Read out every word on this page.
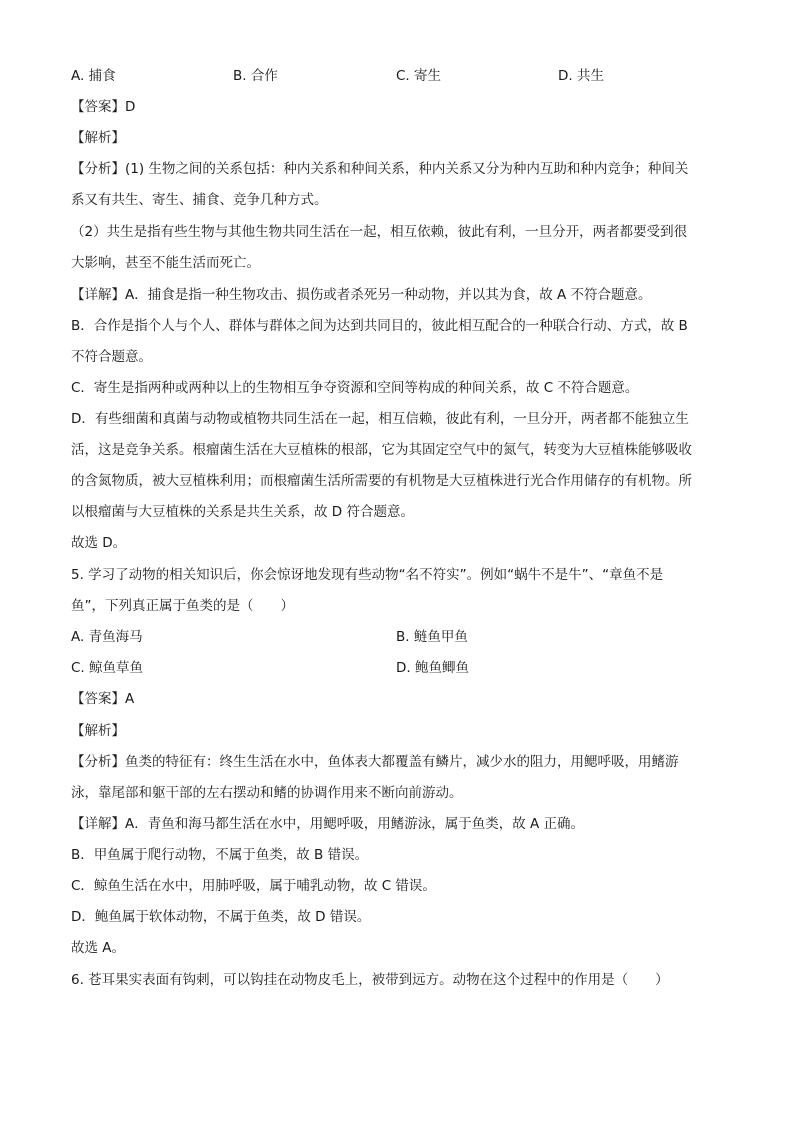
A. 捕食	B. 合作	C. 寄生	D. 共生
【答案】D
【解析】
【分析】(1) 生物之间的关系包括：种内关系和种间关系，种内关系又分为种内互助和种内竞争；种间关
系又有共生、寄生、捕食、竞争几种方式。
（2）共生是指有些生物与其他生物共同生活在一起，相互依赖，彼此有利，一旦分开，两者都要受到很
大影响，甚至不能生活而死亡。
【详解】A．捕食是指一种生物攻击、损伤或者杀死另一种动物，并以其为食，故 A 不符合题意。
B．合作是指个人与个人、群体与群体之间为达到共同目的，彼此相互配合的一种联合行动、方式，故 B
不符合题意。
C．寄生是指两种或两种以上的生物相互争夺资源和空间等构成的种间关系，故 C 不符合题意。
D．有些细菌和真菌与动物或植物共同生活在一起，相互信赖，彼此有利，一旦分开，两者都不能独立生
活，这是竞争关系。根瘤菌生活在大豆植株的根部，它为其固定空气中的氮气，转变为大豆植株能够吸收
的含氮物质，被大豆植株利用；而根瘤菌生活所需要的有机物是大豆植株进行光合作用储存的有机物。所
以根瘤菌与大豆植株的关系是共生关系，故 D 符合题意。
故选 D。
5. 学习了动物的相关知识后，你会惊讶地发现有些动物“名不符实”。例如“蜗牛不是牛”、“章鱼不是
鱼”，下列真正属于鱼类的是（　　）
A. 青鱼海马	B. 鲢鱼甲鱼
C. 鲸鱼草鱼	D. 鲍鱼鲫鱼
【答案】A
【解析】
【分析】鱼类的特征有：终生生活在水中，鱼体表大都覆盖有鳞片，减少水的阻力，用鳃呼吸，用鳍游
泳，靠尾部和躯干部的左右摆动和鳍的协调作用来不断向前游动。
【详解】A．青鱼和海马都生活在水中，用鳃呼吸，用鳍游泳，属于鱼类，故 A 正确。
B．甲鱼属于爬行动物，不属于鱼类，故 B 错误。
C．鲸鱼生活在水中，用肺呼吸，属于哺乳动物，故 C 错误。
D．鲍鱼属于软体动物，不属于鱼类，故 D 错误。
故选 A。
6. 苍耳果实表面有钩刺，可以钩挂在动物皮毛上，被带到远方。动物在这个过程中的作用是（　　）
